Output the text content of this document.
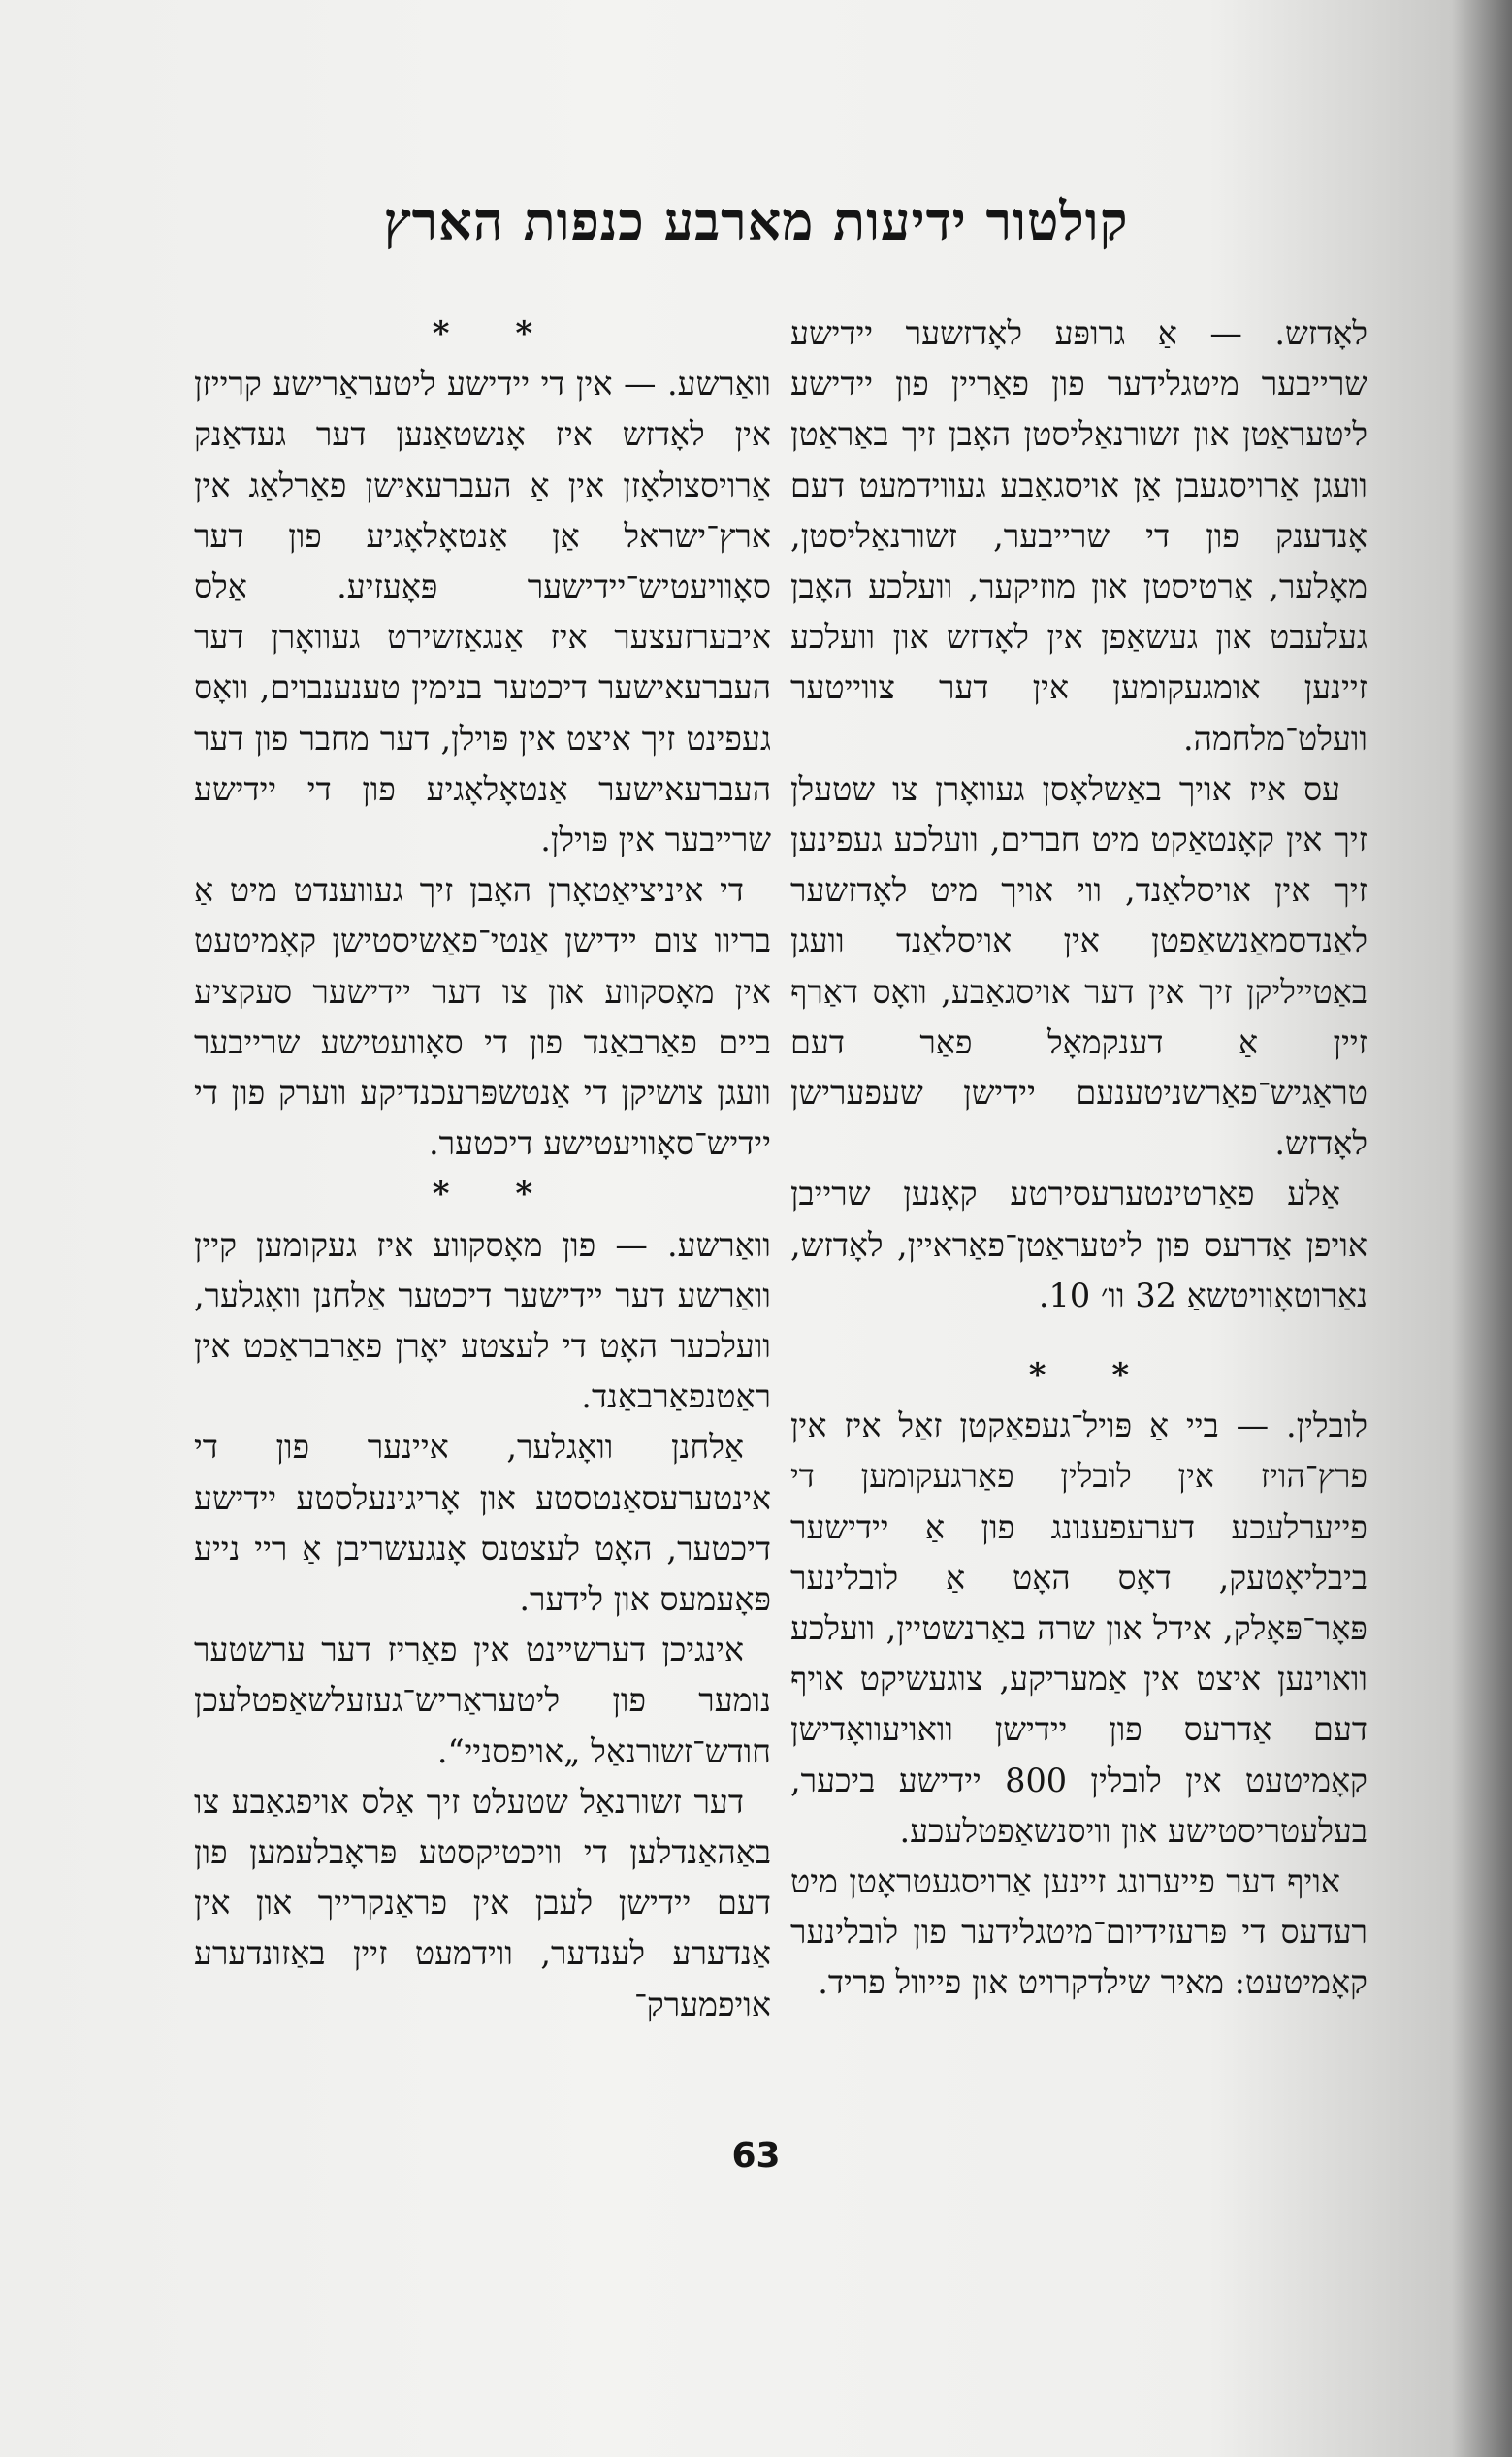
קולטור ידיעות מארבע כנפות הארץ

לאָדזש. — אַ גרופּע לאָדזשער יידישע שרייבער מיטגלידער פון פאַריין פון יידישע ליטעראַטן און זשורנאַליסטן האָבן זיך באַראַטן וועגן אַרויסגעבן אַן אויסגאַבע געווידמעט דעם אָנדענק פון די שרייבער, זשורנאַליסטן, מאָלער, אַרטיסטן און מוזיקער, וועלכע האָבן געלעבט און געשאַפן אין לאָדזש און וועלכע זיינען אומגעקומען אין דער צווייטער וועלט־מלחמה.

עס איז אויך באַשלאָסן געוואָרן צו שטעלן זיך אין קאָנטאַקט מיט חברים, וועלכע געפינען זיך אין אויסלאַנד, ווי אויך מיט לאָדזשער לאַנדסמאַנשאַפטן אין אויסלאַנד וועגן באַטייליקן זיך אין דער אויסגאַבע, וואָס דאַרף זיין אַ דענקמאָל פאַר דעם טראַגיש־פאַרשניטענעם יידישן שעפערישן לאָדזש.

אַלע פאַרטינטערעסירטע קאָנען שרייבן אויפן אַדרעס פון ליטעראַטן־פאַראיין, לאָדזש, נאַרוטאָוויטשאַ 32 וו׳ 10.

* *

לובלין. — ביי אַ פּויל־געפאַקטן זאַל איז אין פרץ־הויז אין לובלין פאַרגעקומען די פייערלעכע דערעפענונג פון אַ יידישער ביבליאָטעק, דאָס האָט אַ לובלינער פּאָר־פּאָלק, אידל און שרה באַרנשטיין, וועלכע וואוינען איצט אין אַמעריקע, צוגעשיקט אויף דעם אַדרעס פון יידישן וואויעוואָדישן קאָמיטעט אין לובלין 800 יידישע ביכער, בעלעטריסטישע און וויסנשאַפטלעכע.

אויף דער פייערונג זיינען אַרויסגעטראָטן מיט רעדעס די פּרעזידיום־מיטגלידער פון לובלינער קאָמיטעט: מאיר שילדקרויט און פייוול פריד.

* *

וואַרשע. — אין די יידישע ליטעראַרישע קרייזן אין לאָדזש איז אָנשטאַנען דער געדאַנק אַרויסצולאָזן אין אַ העברעאישן פאַרלאַג אין ארץ־ישראל אַן אַנטאָלאָגיע פון דער סאָוויעטיש־יידישער פּאָעזיע. אַלס איבערזעצער איז אַנגאַזשירט געוואָרן דער העברעאישער דיכטער בנימין טענענבוים, וואָס געפינט זיך איצט אין פּוילן, דער מחבר פון דער העברעאישער אַנטאָלאָגיע פון די יידישע שרייבער אין פּוילן.

די איניציאַטאָרן האָבן זיך געווענדט מיט אַ בריוו צום יידישן אַנטי־פאַשיסטישן קאָמיטעט אין מאָסקווע און צו דער יידישער סעקציע ביים פאַרבאַנד פון די סאָוועטישע שרייבער וועגן צושיקן די אַנטשפּרעכנדיקע ווערק פון די יידיש־סאָוויעטישע דיכטער.

* *

וואַרשע. — פון מאָסקווע איז געקומען קיין וואַרשע דער יידישער דיכטער אַלחנן וואָגלער, וועלכער האָט די לעצטע יאָרן פאַרבראַכט אין ראַטנפאַרבאַנד.

אַלחנן וואָגלער, איינער פון די אינטערעסאַנטסטע און אָריגינעלסטע יידישע דיכטער, האָט לעצטנס אָנגעשריבן אַ ריי נייע פּאָעמעס און לידער.

אינגיכן דערשיינט אין פאַריז דער ערשטער נומער פון ליטעראַריש־געזעלשאַפטלעכן חודש־זשורנאַל „אויפסניי“.

דער זשורנאַל שטעלט זיך אַלס אויפגאַבע צו באַהאַנדלען די וויכטיקסטע פּראָבלעמען פון דעם יידישן לעבן אין פראַנקרייך און אין אַנדערע לענדער, ווידמעט זיין באַזונדערע אויפמערק־

63
